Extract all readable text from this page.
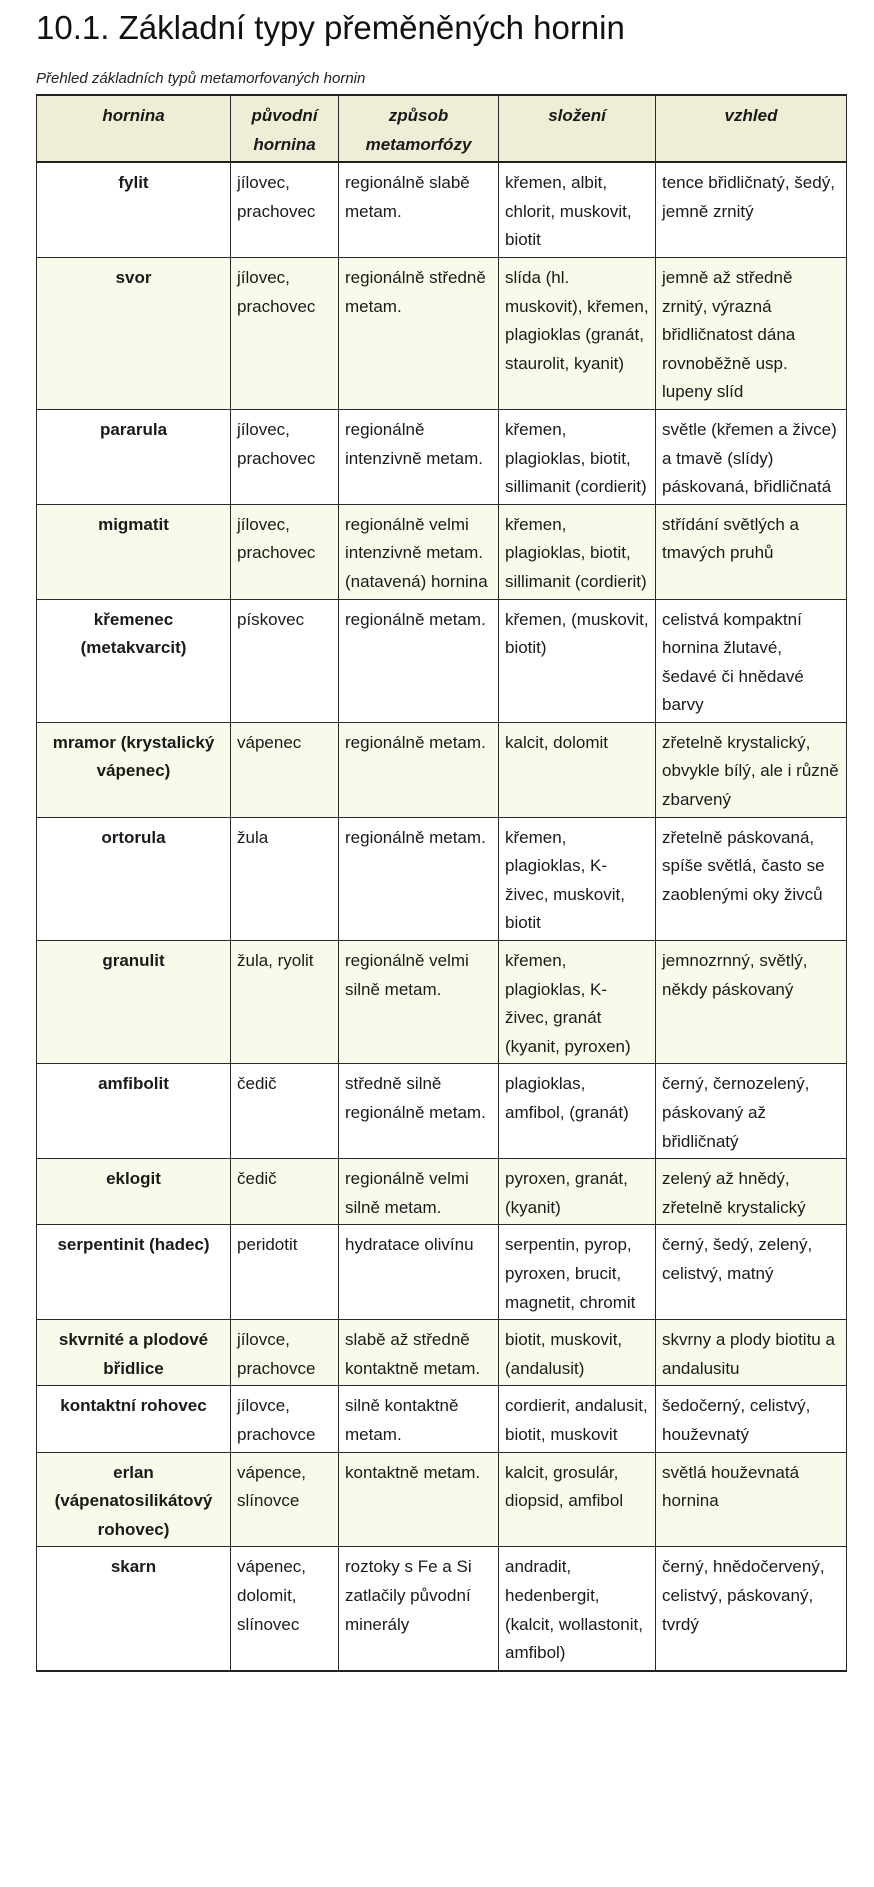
10.1. Základní typy přeměněných hornin
Přehled základních typů metamorfovaných hornin
hornina	původní hornina	způsob metamorfózy	složení	vzhled
fylit	jílovec, prachovec	regionálně slabě metam.	křemen, albit, chlorit, muskovit, biotit	tence břidličnatý, šedý, jemně zrnitý
svor	jílovec, prachovec	regionálně středně metam.	slída (hl. muskovit), křemen, plagioklas (granát, staurolit, kyanit)	jemně až středně zrnitý, výrazná břidličnatost dána rovnoběžně usp. lupeny slíd
pararula	jílovec, prachovec	regionálně intenzivně metam.	křemen, plagioklas, biotit, sillimanit (cordierit)	světle (křemen a živce) a tmavě (slídy) páskovaná, břidličnatá
migmatit	jílovec, prachovec	regionálně velmi intenzivně metam. (natavená) hornina	křemen, plagioklas, biotit, sillimanit (cordierit)	střídání světlých a tmavých pruhů
křemenec (metakvarcit)	pískovec	regionálně metam.	křemen, (muskovit, biotit)	celistvá kompaktní hornina žlutavé, šedavé či hnědavé barvy
mramor (krystalický vápenec)	vápenec	regionálně metam.	kalcit, dolomit	zřetelně krystalický, obvykle bílý, ale i různě zbarvený
ortorula	žula	regionálně metam.	křemen, plagioklas, K-živec, muskovit, biotit	zřetelně páskovaná, spíše světlá, často se zaoblenými oky živců
granulit	žula, ryolit	regionálně velmi silně metam.	křemen, plagioklas, K-živec, granát (kyanit, pyroxen)	jemnozrnný, světlý, někdy páskovaný
amfibolit	čedič	středně silně regionálně metam.	plagioklas, amfibol, (granát)	černý, černozelený, páskovaný až břidličnatý
eklogit	čedič	regionálně velmi silně metam.	pyroxen, granát, (kyanit)	zelený až hnědý, zřetelně krystalický
serpentinit (hadec)	peridotit	hydratace olivínu	serpentin, pyrop, pyroxen, brucit, magnetit, chromit	černý, šedý, zelený, celistvý, matný
skvrnité a plodové břidlice	jílovce, prachovce	slabě až středně kontaktně metam.	biotit, muskovit, (andalusit)	skvrny a plody biotitu a andalusitu
kontaktní rohovec	jílovce, prachovce	silně kontaktně metam.	cordierit, andalusit, biotit, muskovit	šedočerný, celistvý, houževnatý
erlan (vápenatosilikátový rohovec)	vápence, slínovce	kontaktně metam.	kalcit, grosulár, diopsid, amfibol	světlá houževnatá hornina
skarn	vápenec, dolomit, slínovec	roztoky s Fe a Si zatlačily původní minerály	andradit, hedenbergit, (kalcit, wollastonit, amfibol)	černý, hnědočervený, celistvý, páskovaný, tvrdý
